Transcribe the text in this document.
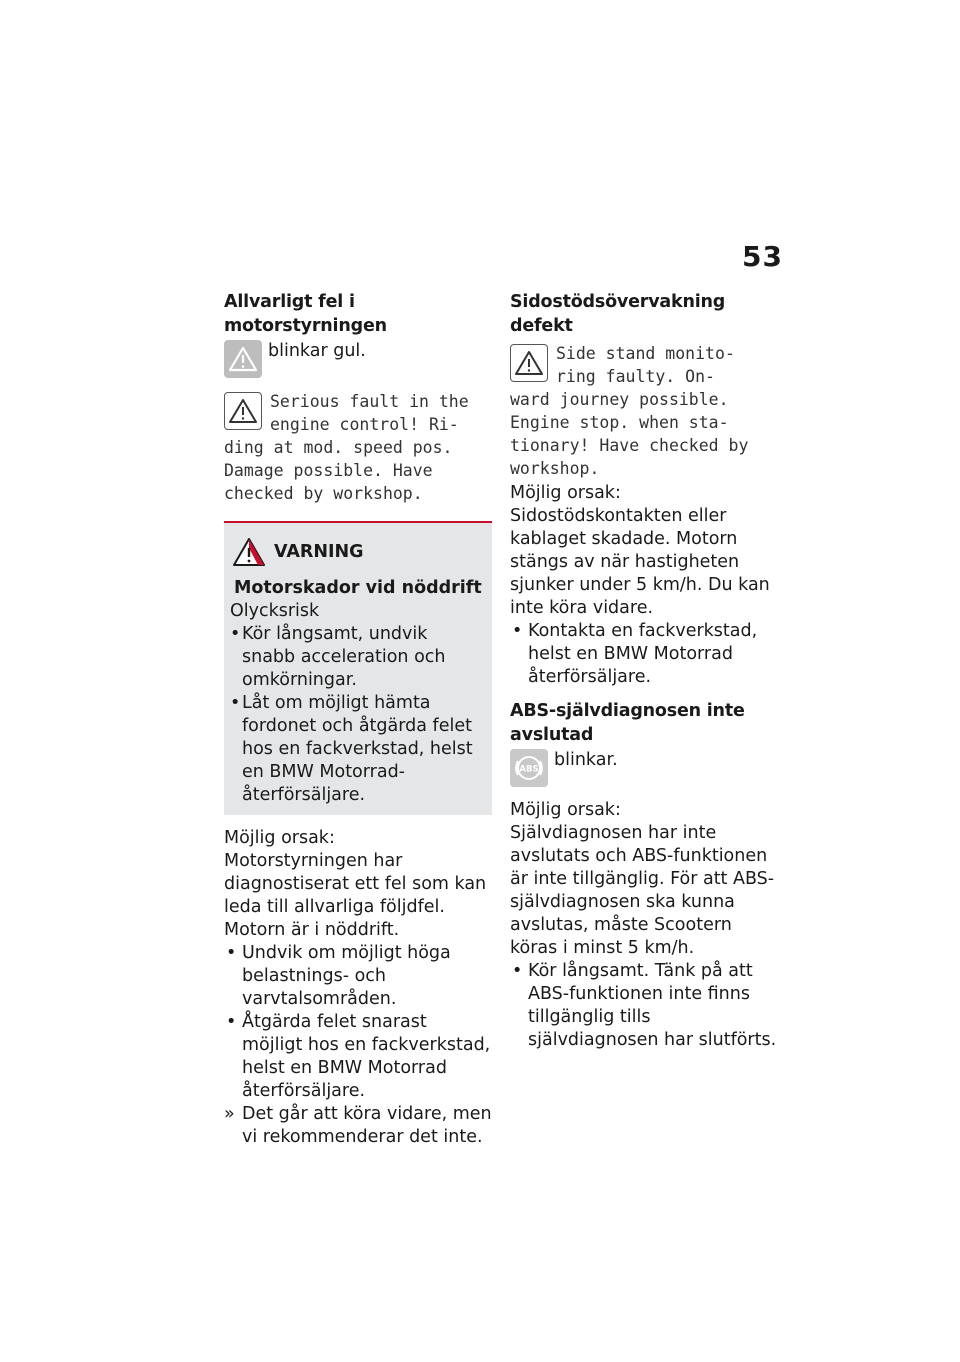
53
Allvarligt fel i motorstyrningen

blinkar gul.

Serious fault in the
engine control! Ri-
ding at mod. speed pos.
Damage possible. Have
checked by workshop.
VARNING
Motorskador vid nöddrift

Olycksrisk

• Kör långsamt, undvik snabb acceleration och omkörningar.
• Låt om möjligt hämta fordonet och åtgärda felet hos en fackverkstad, helst en BMW Motorrad-återförsäljare.

Möjlig orsak:

Motorstyrningen har diagnostiserat ett fel som kan leda till allvarliga följdfel. Motorn är i nöddrift.

• Undvik om möjligt höga belastnings- och varvtalsområden.
• Åtgärda felet snarast möjligt hos en fackverkstad, helst en BMW Motorrad återförsäljare.
» Det går att köra vidare, men vi rekommenderar det inte.
Sidostödsövervakning defekt
Side stand monito-
ring faulty. On-
ward journey possible.
Engine stop. when sta-
tionary! Have checked by
workshop.

Möjlig orsak:

Sidostödskontakten eller kablaget skadade. Motorn stängs av när hastigheten sjunker under 5 km/h. Du kan inte köra vidare.

• Kontakta en fackverkstad, helst en BMW Motorrad återförsäljare.
ABS-självdiagnosen inte avslutad
ABS blinkar.

Möjlig orsak:

Självdiagnosen har inte avslutats och ABS-funktionen är inte tillgänglig. För att ABS-självdiagnosen ska kunna avslutas, måste Scootern köras i minst 5 km/h.

• Kör långsamt. Tänk på att ABS-funktionen inte finns tillgänglig tills självdiagnosen har slutförts.
